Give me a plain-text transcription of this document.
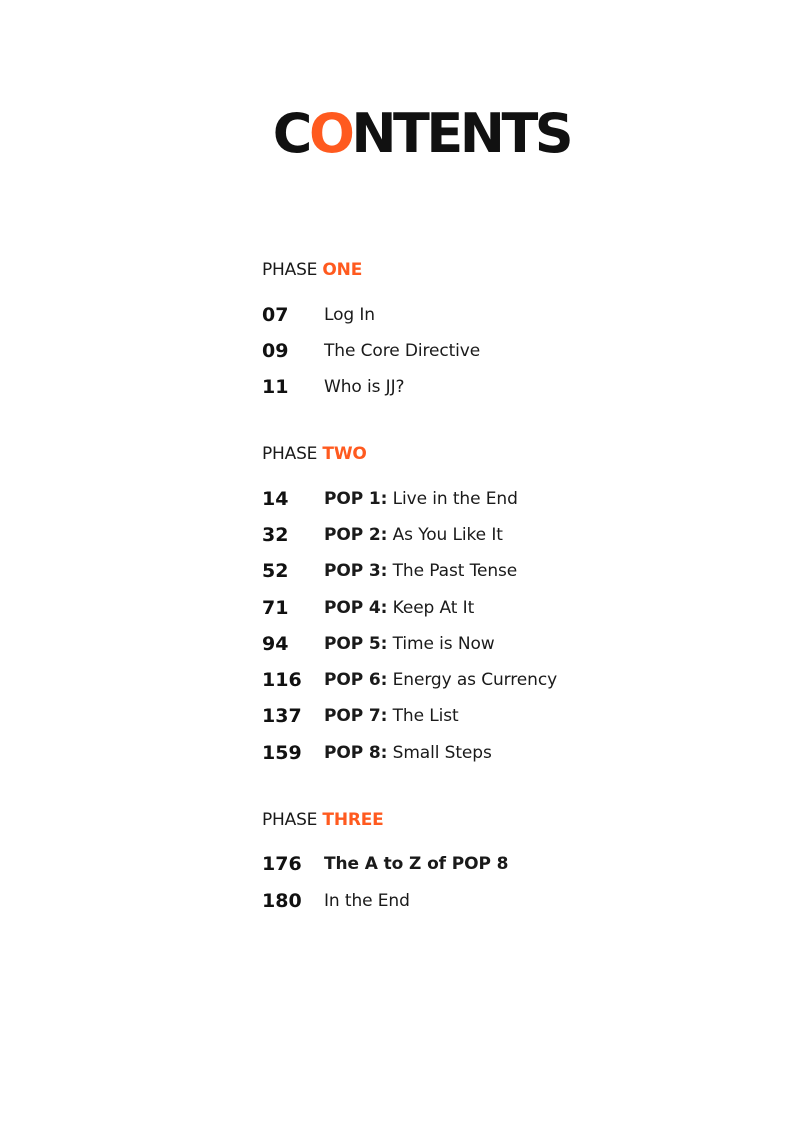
CONTENTS
PHASE ONE
07 Log In
09 The Core Directive
11 Who is JJ?
PHASE TWO
14 POP 1: Live in the End
32 POP 2: As You Like It
52 POP 3: The Past Tense
71 POP 4: Keep At It
94 POP 5: Time is Now
116 POP 6: Energy as Currency
137 POP 7: The List
159 POP 8: Small Steps
PHASE THREE
176 The A to Z of POP 8
180 In the End
